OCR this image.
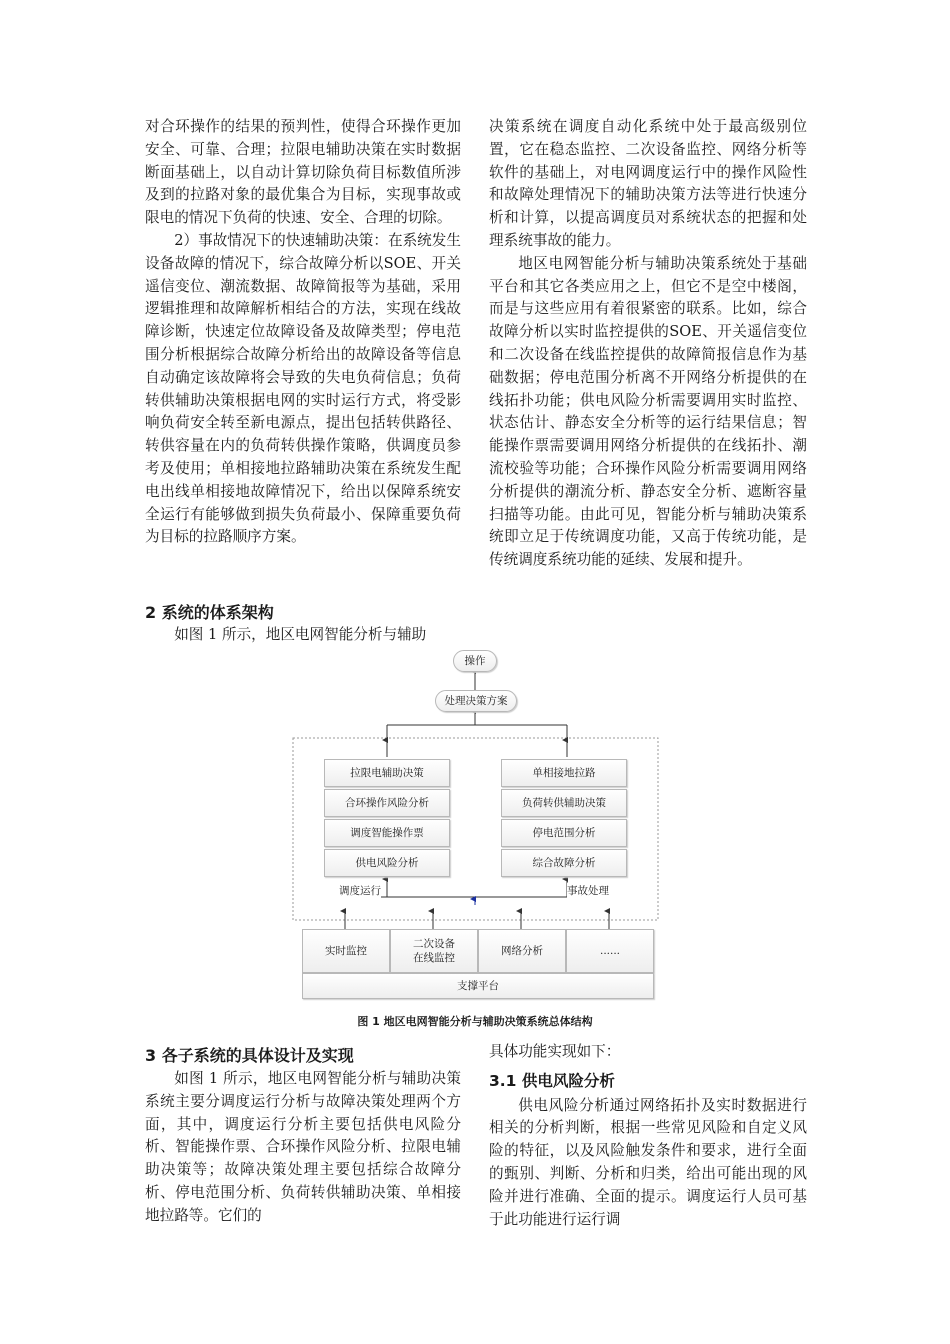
对合环操作的结果的预判性，使得合环操作更加安全、可靠、合理；拉限电辅助决策在实时数据断面基础上，以自动计算切除负荷目标数值所涉及到的拉路对象的最优集合为目标，实现事故或限电的情况下负荷的快速、安全、合理的切除。

2）事故情况下的快速辅助决策：在系统发生设备故障的情况下，综合故障分析以SOE、开关遥信变位、潮流数据、故障简报等为基础，采用逻辑推理和故障解析相结合的方法，实现在线故障诊断，快速定位故障设备及故障类型；停电范围分析根据综合故障分析给出的故障设备等信息自动确定该故障将会导致的失电负荷信息；负荷转供辅助决策根据电网的实时运行方式，将受影响负荷安全转至新电源点，提出包括转供路径、转供容量在内的负荷转供操作策略，供调度员参考及使用；单相接地拉路辅助决策在系统发生配电出线单相接地故障情况下，给出以保障系统安全运行有能够做到损失负荷最小、保障重要负荷为目标的拉路顺序方案。

2 系统的体系架构

如图 1 所示，地区电网智能分析与辅助

决策系统在调度自动化系统中处于最高级别位置，它在稳态监控、二次设备监控、网络分析等软件的基础上，对电网调度运行中的操作风险性和故障处理情况下的辅助决策方法等进行快速分析和计算，以提高调度员对系统状态的把握和处理系统事故的能力。

地区电网智能分析与辅助决策系统处于基础平台和其它各类应用之上，但它不是空中楼阁，而是与这些应用有着很紧密的联系。比如，综合故障分析以实时监控提供的SOE、开关遥信变位和二次设备在线监控提供的故障简报信息作为基础数据；停电范围分析离不开网络分析提供的在线拓扑功能；供电风险分析需要调用实时监控、状态估计、静态安全分析等的运行结果信息；智能操作票需要调用网络分析提供的在线拓扑、潮流校验等功能；合环操作风险分析需要调用网络分析提供的潮流分析、静态安全分析、遮断容量扫描等功能。由此可见，智能分析与辅助决策系统即立足于传统调度功能，又高于传统功能，是传统调度系统功能的延续、发展和提升。

操作
处理决策方案
拉限电辅助决策
合环操作风险分析
调度智能操作票
供电风险分析
单相接地拉路
负荷转供辅助决策
停电范围分析
综合故障分析
调度运行	事故处理
实时监控
二次设备
在线监控
网络分析	......
支撑平台
图 1 地区电网智能分析与辅助决策系统总体结构
3 各子系统的具体设计及实现

如图 1 所示，地区电网智能分析与辅助决策系统主要分调度运行分析与故障决策处理两个方面，其中，调度运行分析主要包括供电风险分析、智能操作票、合环操作风险分析、拉限电辅助决策等；故障决策处理主要包括综合故障分析、停电范围分析、负荷转供辅助决策、单相接地拉路等。它们的

具体功能实现如下：

3.1 供电风险分析

供电风险分析通过网络拓扑及实时数据进行相关的分析判断，根据一些常见风险和自定义风险的特征，以及风险触发条件和要求，进行全面的甄别、判断、分析和归类，给出可能出现的风险并进行准确、全面的提示。调度运行人员可基于此功能进行运行调
